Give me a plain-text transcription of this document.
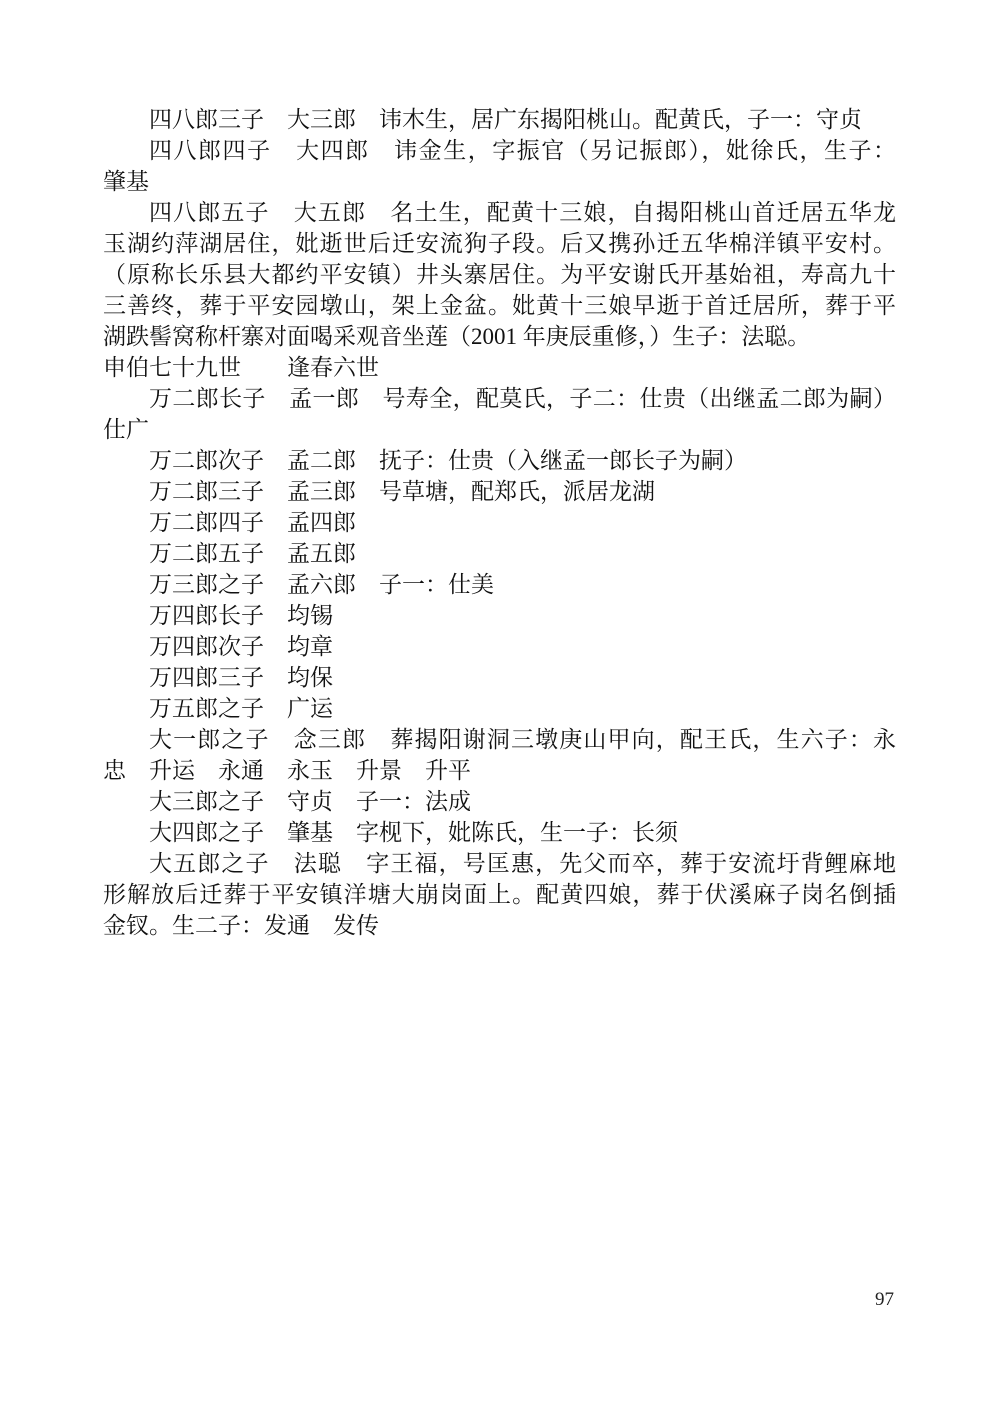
四八郎三子　大三郎　讳木生，居广东揭阳桃山。配黄氏，子一：守贞
四八郎四子　大四郎　讳金生，字振官（另记振郎），妣徐氏，生子：
肇基
四八郎五子　大五郎　名土生，配黄十三娘，自揭阳桃山首迁居五华龙
玉湖约萍湖居住，妣逝世后迁安流狗子段。后又携孙迁五华棉洋镇平安村。
（原称长乐县大都约平安镇）井头寨居住。为平安谢氏开基始祖，寿高九十
三善终，葬于平安园墩山，架上金盆。妣黄十三娘早逝于首迁居所，葬于平
湖跌髻窝称杆寨对面喝采观音坐莲（2001 年庚辰重修，）生子：法聪。
申伯七十九世　　逢春六世
万二郎长子　孟一郎　号寿全，配莫氏，子二：仕贵（出继孟二郎为嗣）
仕广
万二郎次子　孟二郎　抚子：仕贵（入继孟一郎长子为嗣）
万二郎三子　孟三郎　号草塘，配郑氏，派居龙湖
万二郎四子　孟四郎
万二郎五子　孟五郎
万三郎之子　孟六郎　子一：仕美
万四郎长子　均锡
万四郎次子　均章
万四郎三子　均保
万五郎之子　广运
大一郎之子　念三郎　葬揭阳谢洞三墩庚山甲向，配王氏，生六子：永
忠　升运　永通　永玉　升景　升平
大三郎之子　守贞　子一：法成
大四郎之子　肇基　字枧下，妣陈氏，生一子：长须
大五郎之子　法聪　字王福，号匡惠，先父而卒，葬于安流圩背鲤麻地
形解放后迁葬于平安镇洋塘大崩岗面上。配黄四娘，葬于伏溪麻子岗名倒插
金钗。生二子：发通　发传
97
